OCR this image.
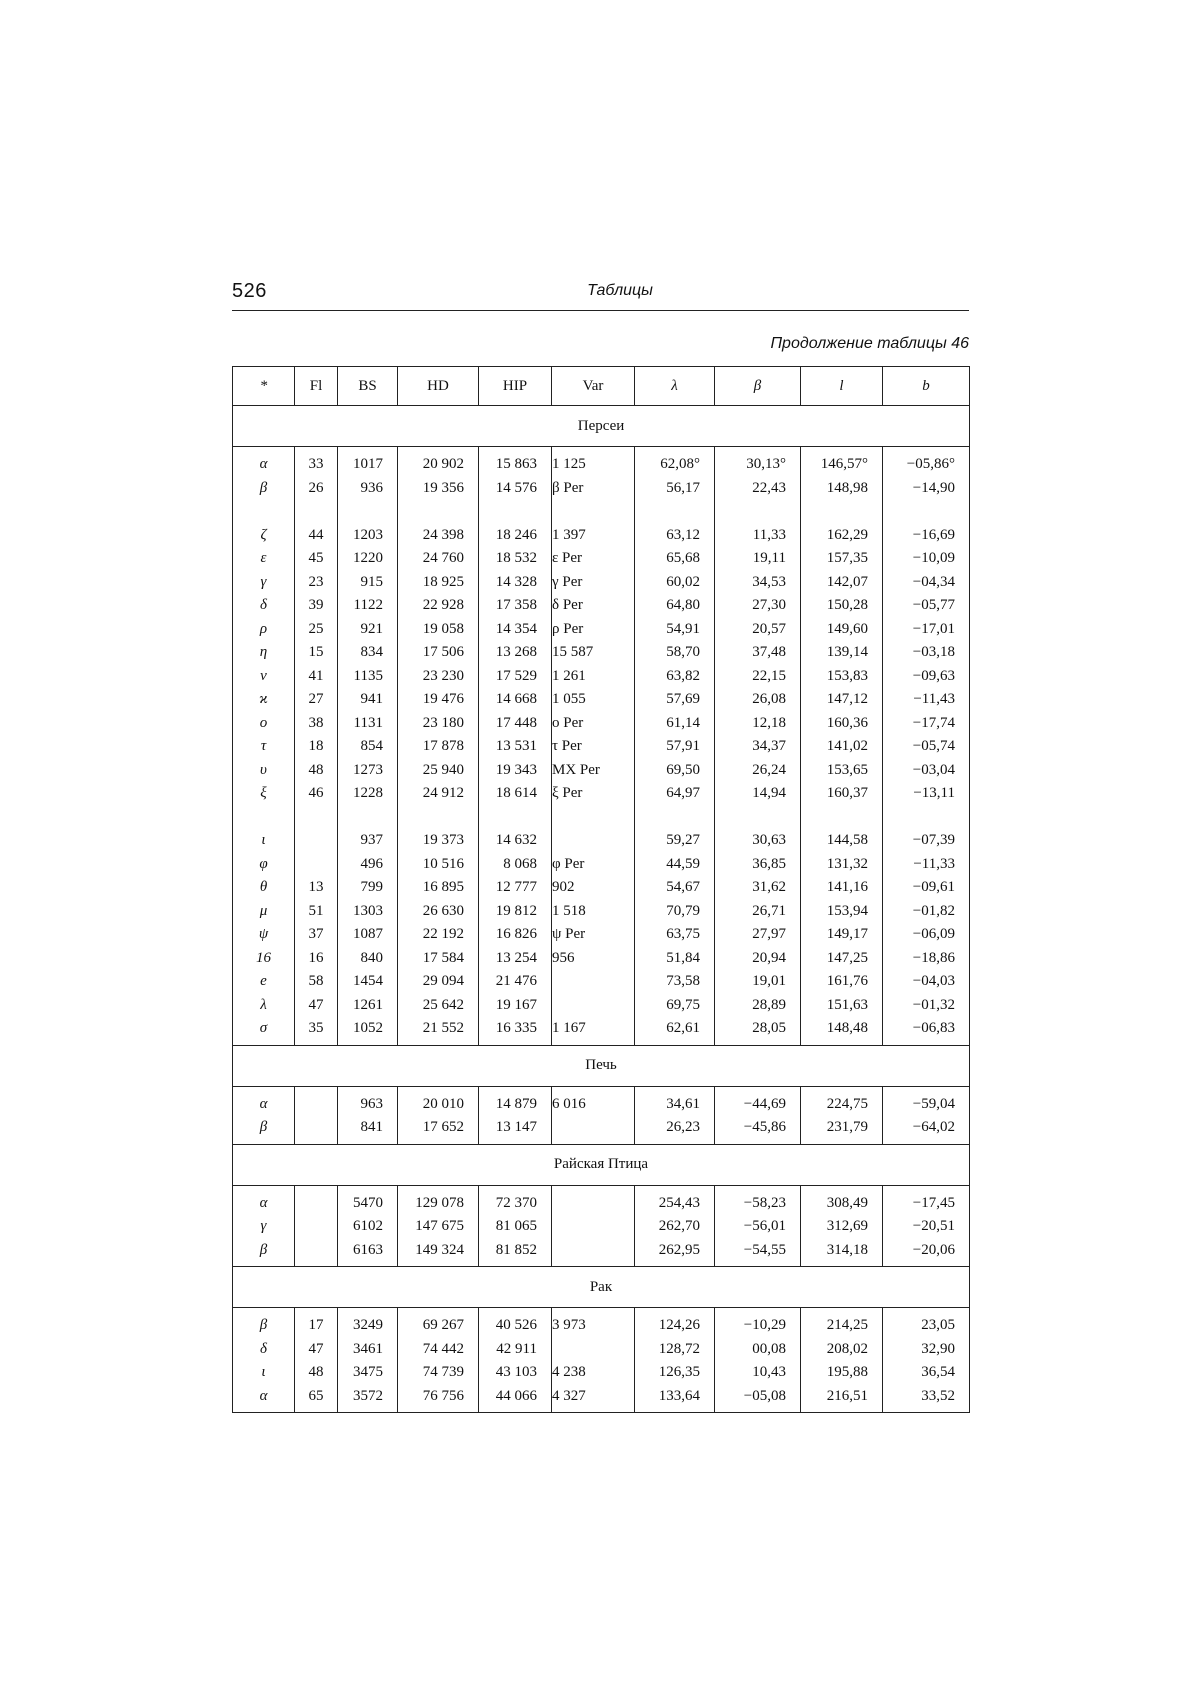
526	Таблицы
Продолжение таблицы 46
*	Fl	BS	HD	HIP	Var	λ	β	l	b
Персеи									
α	33	1017	20 902	15 863	1 125	62,08°	30,13°	146,57°	−05,86°
β	26	936	19 356	14 576	β Per	56,17	22,43	148,98	−14,90

ζ	44	1203	24 398	18 246	1 397	63,12	11,33	162,29	−16,69
ε	45	1220	24 760	18 532	ε Per	65,68	19,11	157,35	−10,09
γ	23	915	18 925	14 328	γ Per	60,02	34,53	142,07	−04,34
δ	39	1122	22 928	17 358	δ Per	64,80	27,30	150,28	−05,77
ρ	25	921	19 058	14 354	ρ Per	54,91	20,57	149,60	−17,01
η	15	834	17 506	13 268	15 587	58,70	37,48	139,14	−03,18
ν	41	1135	23 230	17 529	1 261	63,82	22,15	153,83	−09,63
ϰ	27	941	19 476	14 668	1 055	57,69	26,08	147,12	−11,43
ο	38	1131	23 180	17 448	ο Per	61,14	12,18	160,36	−17,74
τ	18	854	17 878	13 531	τ Per	57,91	34,37	141,02	−05,74
υ	48	1273	25 940	19 343	MX Per	69,50	26,24	153,65	−03,04
ξ	46	1228	24 912	18 614	ξ Per	64,97	14,94	160,37	−13,11

ι		937	19 373	14 632		59,27	30,63	144,58	−07,39
φ		496	10 516	8 068	φ Per	44,59	36,85	131,32	−11,33
θ	13	799	16 895	12 777	902	54,67	31,62	141,16	−09,61
μ	51	1303	26 630	19 812	1 518	70,79	26,71	153,94	−01,82
ψ	37	1087	22 192	16 826	ψ Per	63,75	27,97	149,17	−06,09
16	16	840	17 584	13 254	956	51,84	20,94	147,25	−18,86
e	58	1454	29 094	21 476		73,58	19,01	161,76	−04,03
λ	47	1261	25 642	19 167		69,75	28,89	151,63	−01,32
σ	35	1052	21 552	16 335	1 167	62,61	28,05	148,48	−06,83
Печь									
α		963	20 010	14 879	6 016	34,61	−44,69	224,75	−59,04
β		841	17 652	13 147		26,23	−45,86	231,79	−64,02
Райская Птица									
α		5470	129 078	72 370		254,43	−58,23	308,49	−17,45
γ		6102	147 675	81 065		262,70	−56,01	312,69	−20,51
β		6163	149 324	81 852		262,95	−54,55	314,18	−20,06
Рак									
β	17	3249	69 267	40 526	3 973	124,26	−10,29	214,25	23,05
δ	47	3461	74 442	42 911		128,72	00,08	208,02	32,90
ι	48	3475	74 739	43 103	4 238	126,35	10,43	195,88	36,54
α	65	3572	76 756	44 066	4 327	133,64	−05,08	216,51	33,52
